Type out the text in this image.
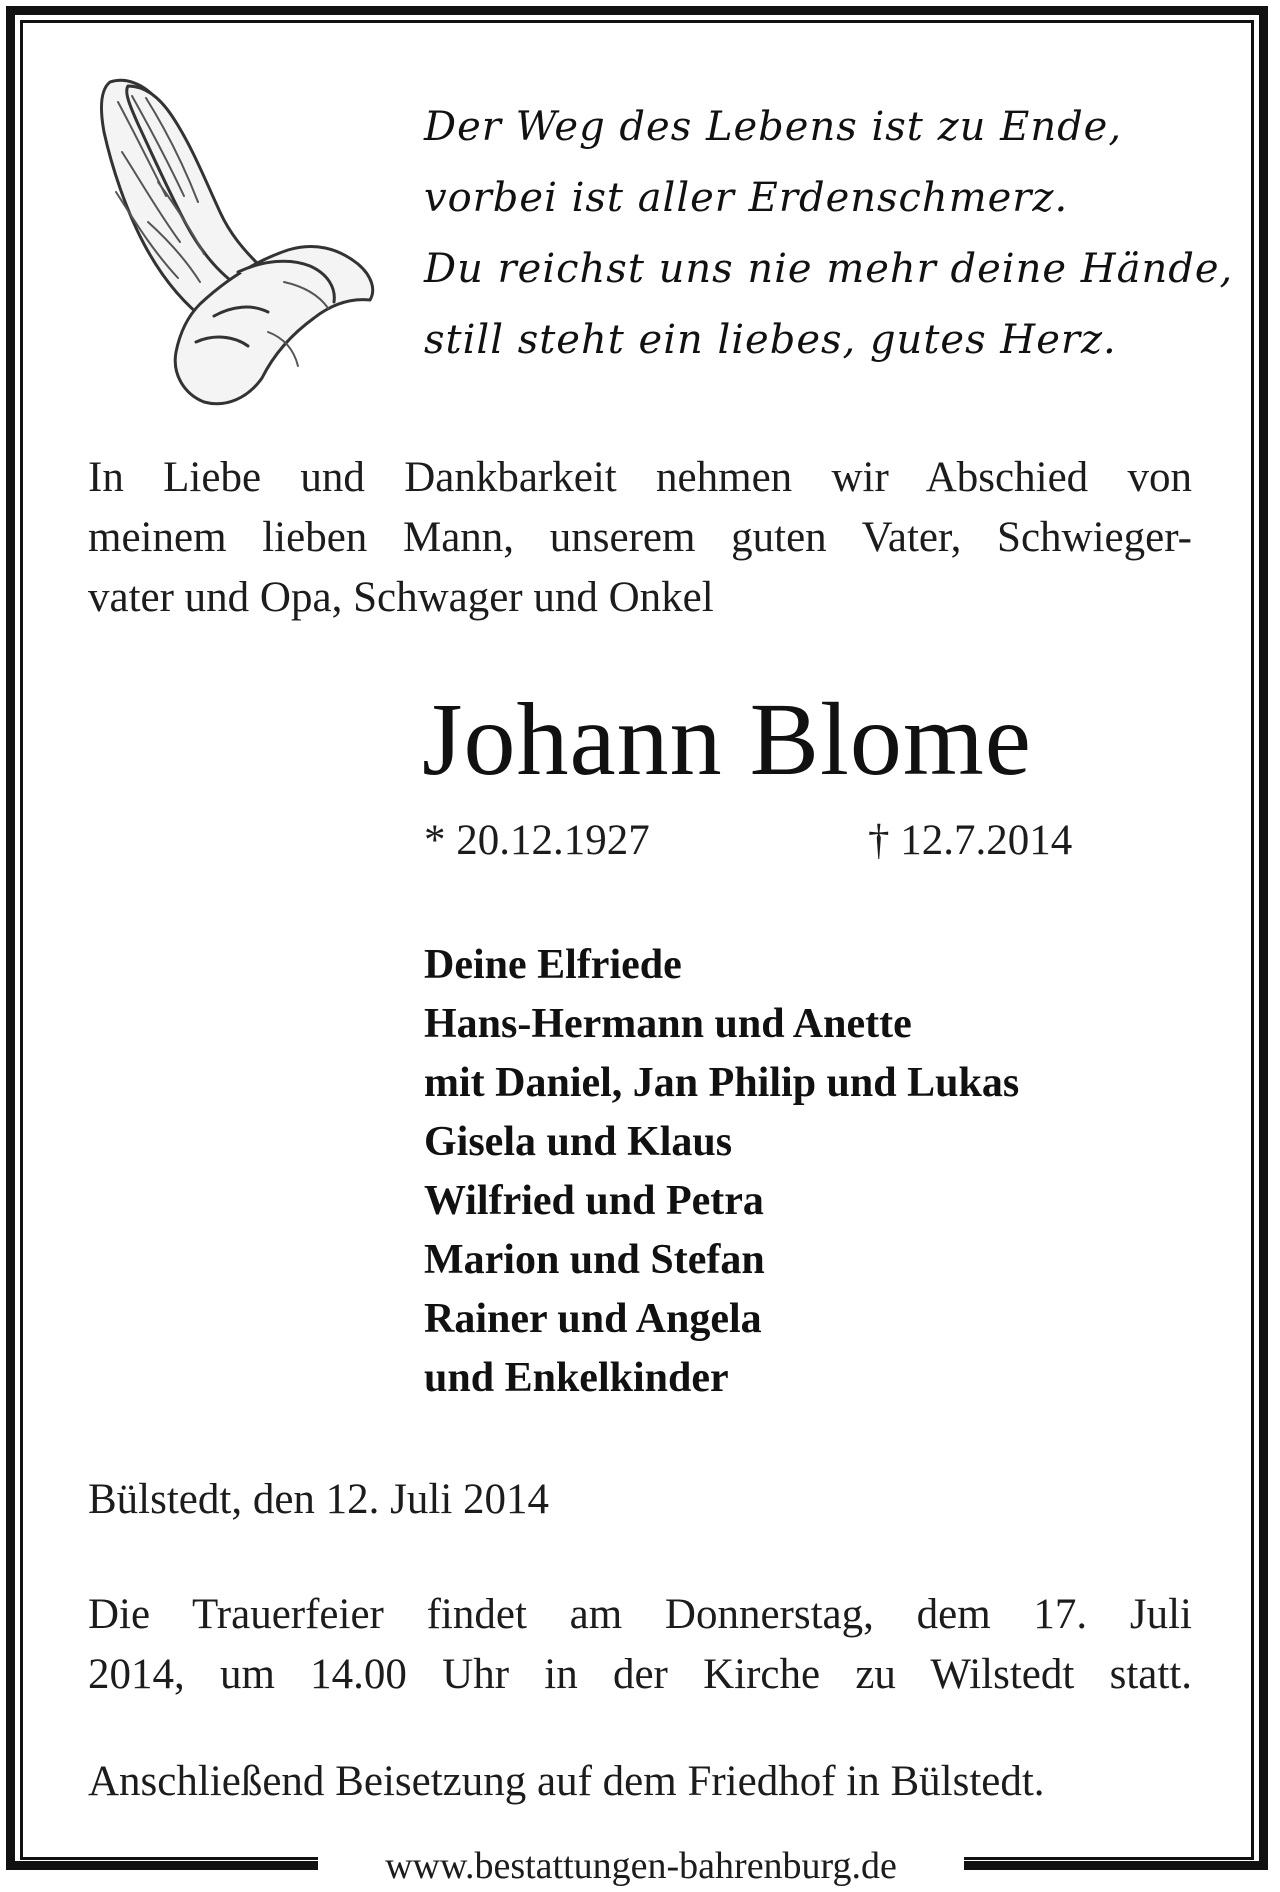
Der Weg des Lebens ist zu Ende,
vorbei ist aller Erdenschmerz.
Du reichst uns nie mehr deine Hände,
still steht ein liebes, gutes Herz.
In Liebe und Dankbarkeit nehmen wir Abschied von
meinem lieben Mann, unserem guten Vater, Schwieger-
vater und Opa, Schwager und Onkel
Johann Blome
* 20.12.1927	† 12.7.2014
Deine Elfriede
Hans-Hermann und Anette
mit Daniel, Jan Philip und Lukas
Gisela und Klaus
Wilfried und Petra
Marion und Stefan
Rainer und Angela
und Enkelkinder
Bülstedt, den 12. Juli 2014
Die Trauerfeier findet am Donnerstag, dem 17. Juli
2014, um 14.00 Uhr in der Kirche zu Wilstedt statt.
Anschließend Beisetzung auf dem Friedhof in Bülstedt.
www.bestattungen-bahrenburg.de
